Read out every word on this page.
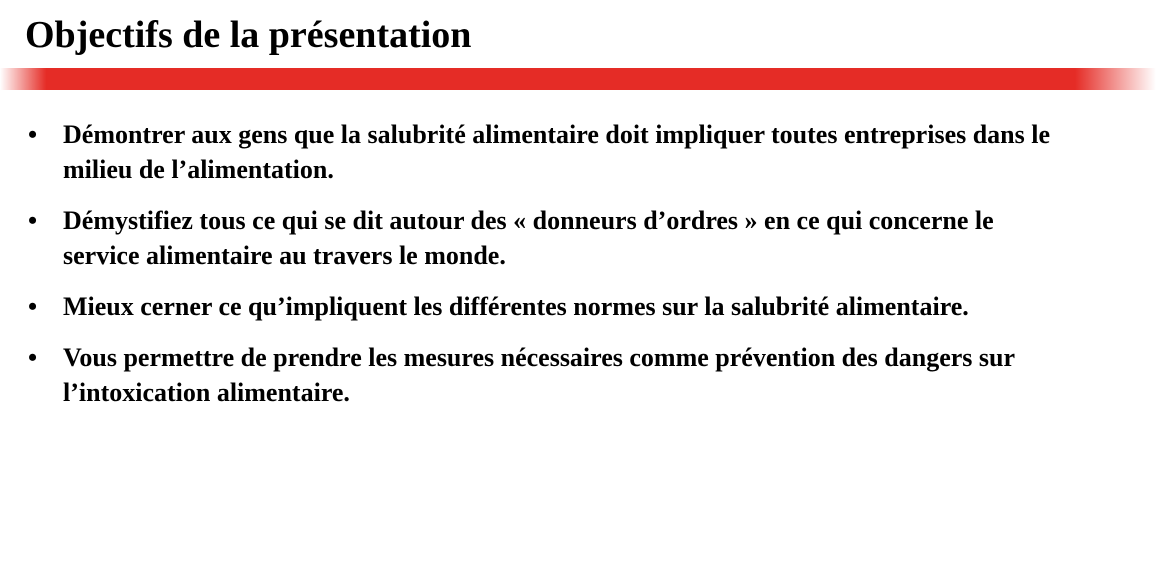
Objectifs de la présentation
• Démontrer aux gens que la salubrité alimentaire doit impliquer toutes entreprises dans le milieu de l’alimentation.
• Démystifiez tous ce qui se dit autour des « donneurs d’ordres » en ce qui concerne le service alimentaire au travers le monde.
• Mieux cerner ce qu’impliquent les différentes normes sur la salubrité alimentaire.
• Vous permettre de prendre les mesures nécessaires comme prévention des dangers sur l’intoxication alimentaire.
